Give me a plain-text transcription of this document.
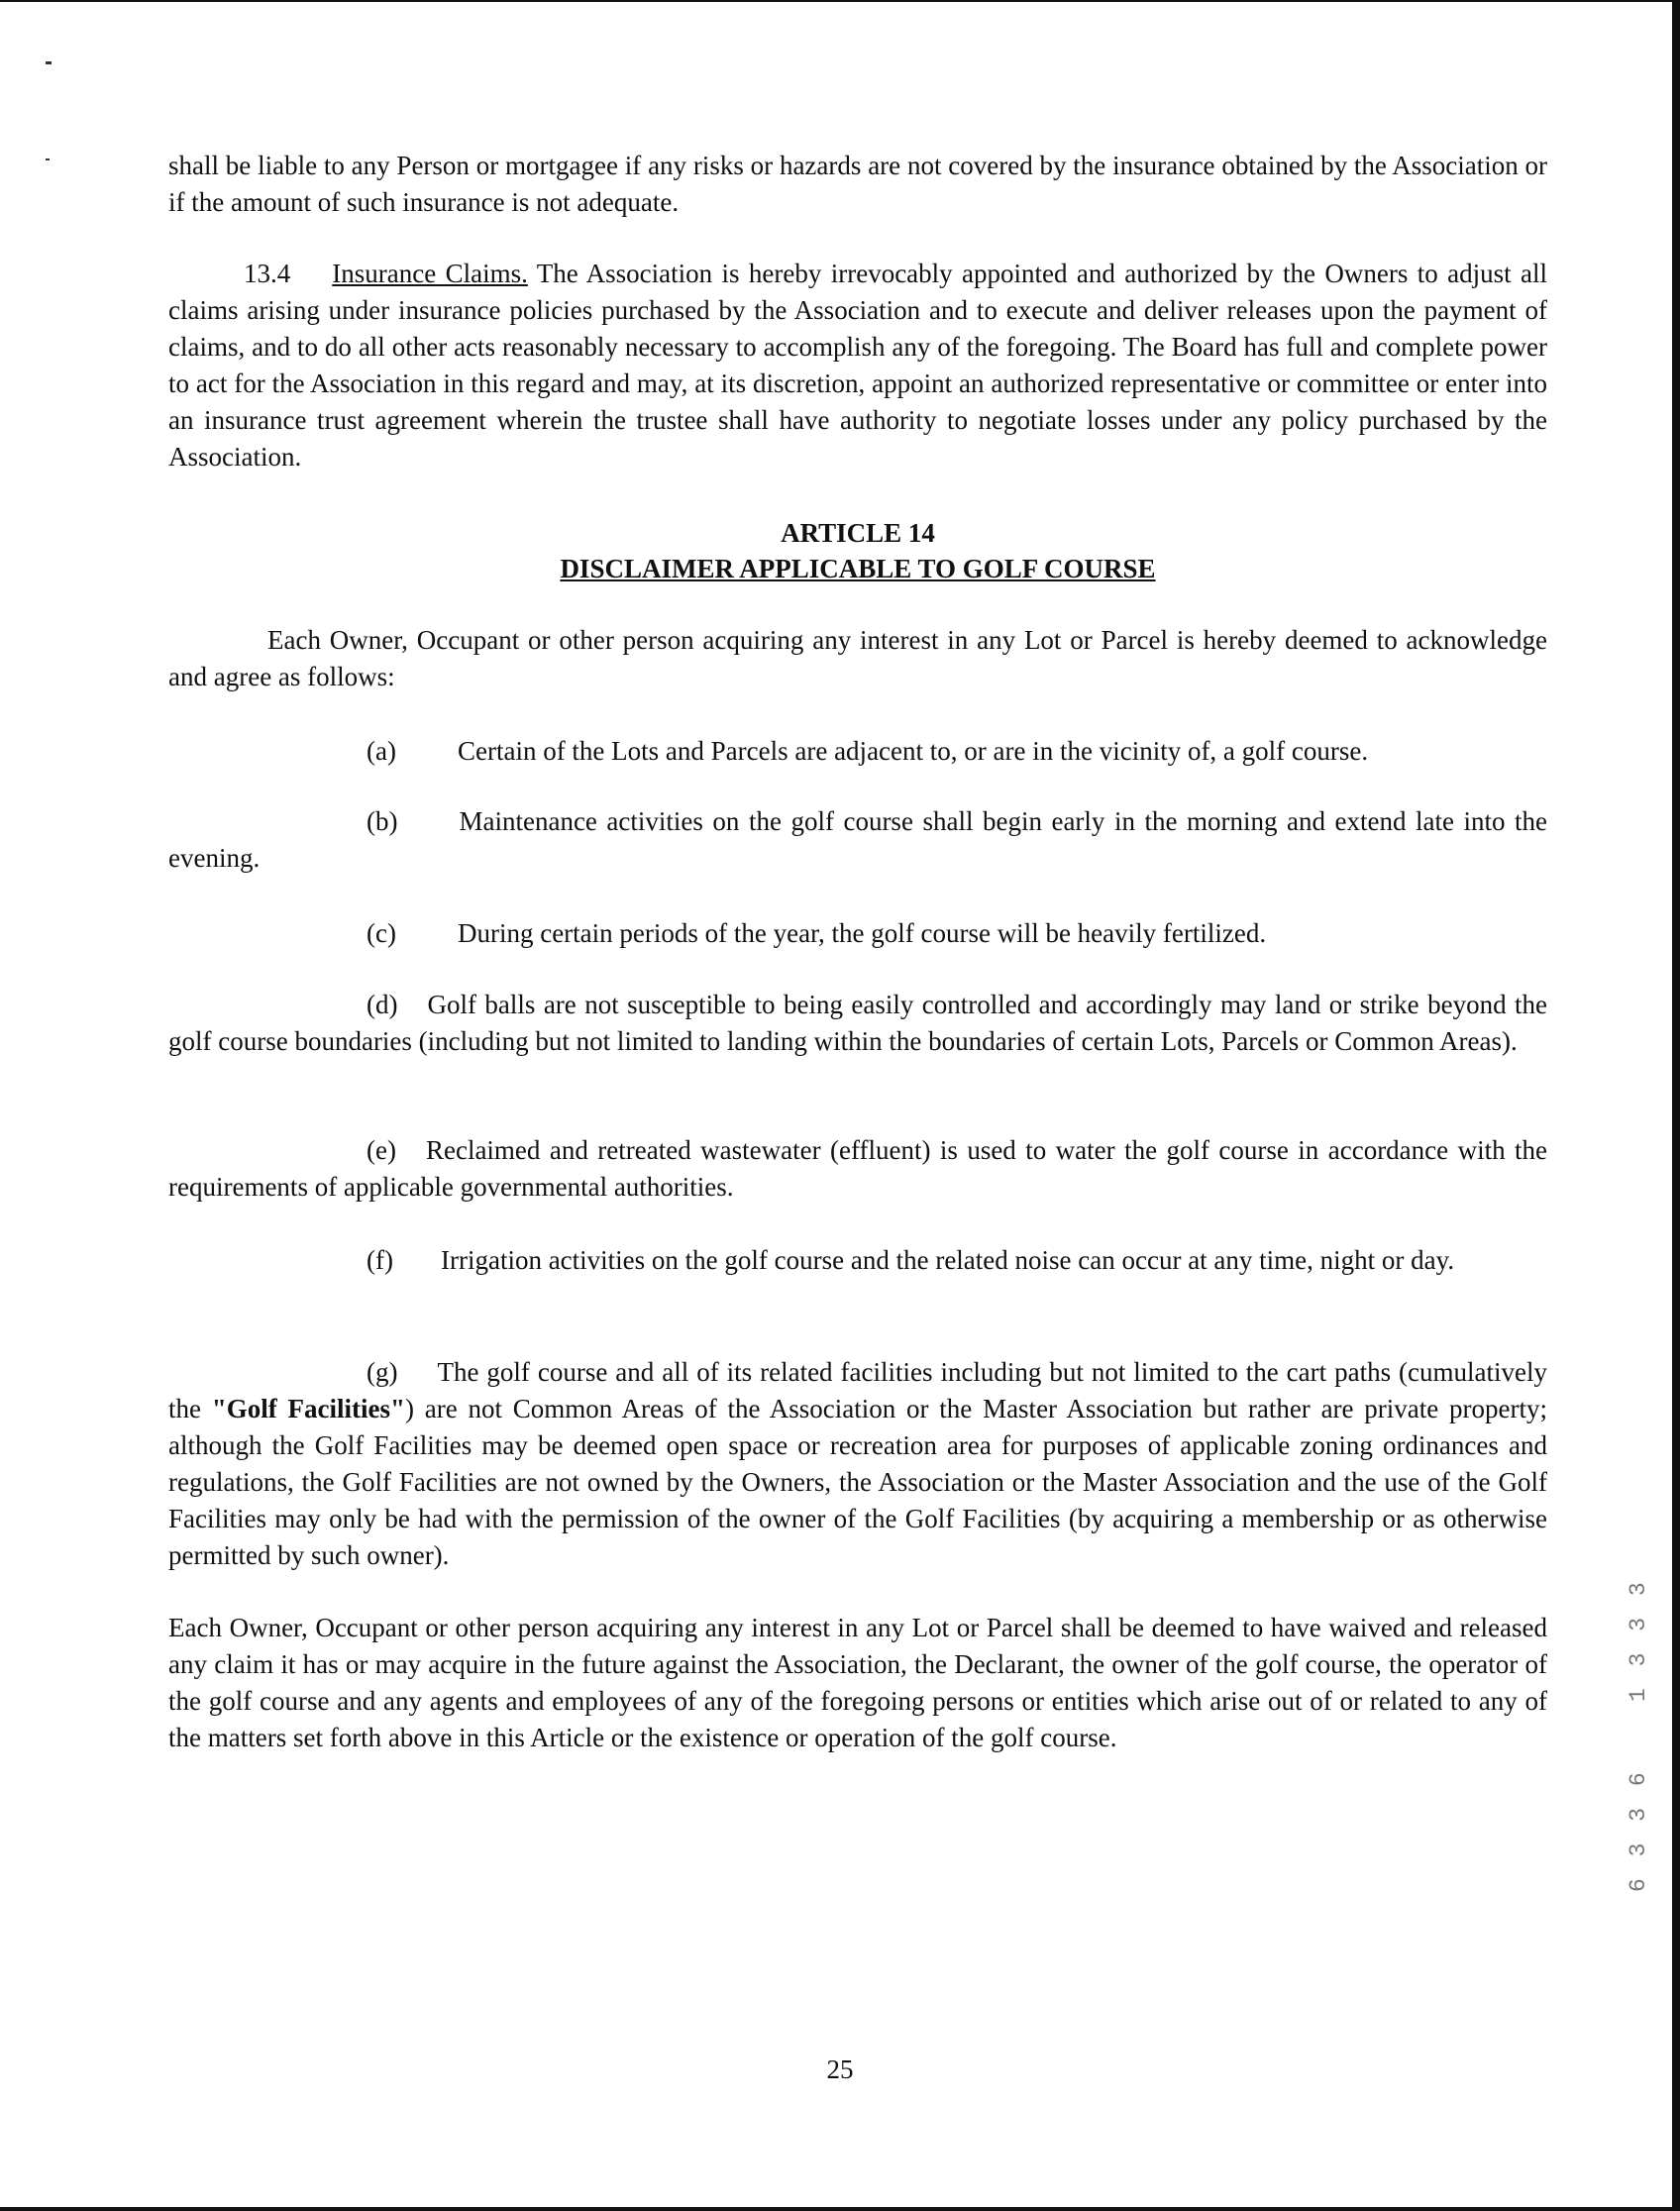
shall be liable to any Person or mortgagee if any risks or hazards are not covered by the insurance obtained by the Association or if the amount of such insurance is not adequate.
13.4 Insurance Claims. The Association is hereby irrevocably appointed and authorized by the Owners to adjust all claims arising under insurance policies purchased by the Association and to execute and deliver releases upon the payment of claims, and to do all other acts reasonably necessary to accomplish any of the foregoing. The Board has full and complete power to act for the Association in this regard and may, at its discretion, appoint an authorized representative or committee or enter into an insurance trust agreement wherein the trustee shall have authority to negotiate losses under any policy purchased by the Association.
ARTICLE 14
DISCLAIMER APPLICABLE TO GOLF COURSE
Each Owner, Occupant or other person acquiring any interest in any Lot or Parcel is hereby deemed to acknowledge and agree as follows:
(a) Certain of the Lots and Parcels are adjacent to, or are in the vicinity of, a golf course.
(b) Maintenance activities on the golf course shall begin early in the morning and extend late into the evening.
(c) During certain periods of the year, the golf course will be heavily fertilized.
(d) Golf balls are not susceptible to being easily controlled and accordingly may land or strike beyond the golf course boundaries (including but not limited to landing within the boundaries of certain Lots, Parcels or Common Areas).
(e) Reclaimed and retreated wastewater (effluent) is used to water the golf course in accordance with the requirements of applicable governmental authorities.
(f) Irrigation activities on the golf course and the related noise can occur at any time, night or day.
(g) The golf course and all of its related facilities including but not limited to the cart paths (cumulatively the "Golf Facilities") are not Common Areas of the Association or the Master Association but rather are private property; although the Golf Facilities may be deemed open space or recreation area for purposes of applicable zoning ordinances and regulations, the Golf Facilities are not owned by the Owners, the Association or the Master Association and the use of the Golf Facilities may only be had with the permission of the owner of the Golf Facilities (by acquiring a membership or as otherwise permitted by such owner).
Each Owner, Occupant or other person acquiring any interest in any Lot or Parcel shall be deemed to have waived and released any claim it has or may acquire in the future against the Association, the Declarant, the owner of the golf course, the operator of the golf course and any agents and employees of any of the foregoing persons or entities which arise out of or related to any of the matters set forth above in this Article or the existence or operation of the golf course.
1 3 3 3
6 3 3 6
25
